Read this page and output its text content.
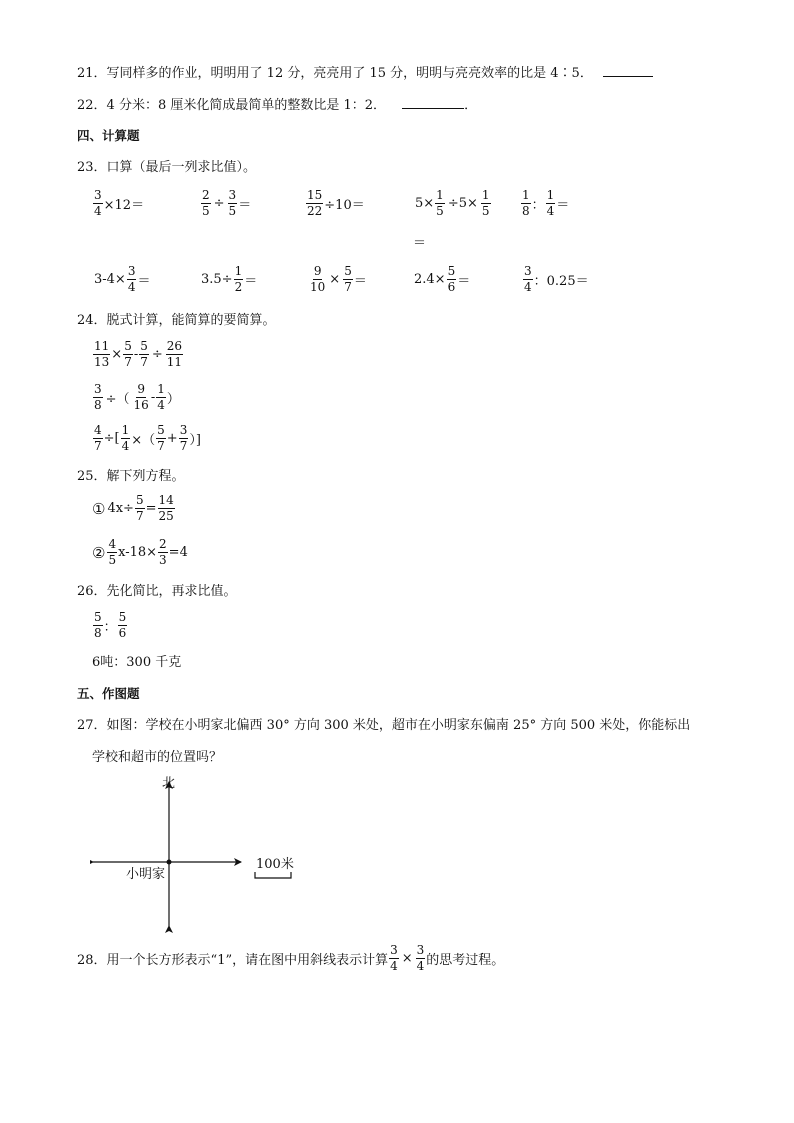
21．写同样多的作业，明明用了 12 分，亮亮用了 15 分，明明与亮亮效率的比是 4∶5．
22．4 分米：8 厘米化简成最简单的整数比是 1：2．	．
四、计算题
23．口算（最后一列求比值）。
$\frac{3}{4} \times 12=$	$\frac{2}{5} \div \frac{3}{5}$ ＝	$\frac{15}{22} \div 10=$	$5\times \frac{1}{5} \div 5\times \frac{1}{5}$	$\frac{1}{8}$ ： $\frac{1}{4}$ ＝
＝
$3-4\times \frac{3}{4}$ ＝	$3.5\div \frac{1}{2}$ ＝	$\frac{9}{10} \times \frac{5}{7}$ ＝	$2.4\times \frac{5}{6}$ ＝	$\frac{3}{4}$ ：0.25＝
24．脱式计算，能简算的要简算。
$\frac{11}{13} \times \frac{5}{7} - \frac{5}{7} \div \frac{26}{11}$
$\frac{3}{8}$ ÷（ $\frac{9}{16} - \frac{1}{4}$ ）
$\frac{4}{7}$ ÷[ $\frac{1}{4}$ ×（ $\frac{5}{7} + \frac{3}{7}$ ）]
25．解下列方程。
① $4x\div \frac{5}{7} = \frac{14}{25}$
② $\frac{4}{5} x-18\times \frac{2}{3} =4$
26．先化简比，再求比值。
$\frac{5}{8}$ ： $\frac{5}{6}$
6吨：300 千克
五、作图题
27．如图：学校在小明家北偏西 30° 方向 300 米处，超市在小明家东偏南 25° 方向 500 米处，你能标出
学校和超市的位置吗？
北
小明家
100米
28．用一个长方形表示“1”，请在图中用斜线表示计算 $\frac{3}{4} \times \frac{3}{4}$ 的思考过程。
